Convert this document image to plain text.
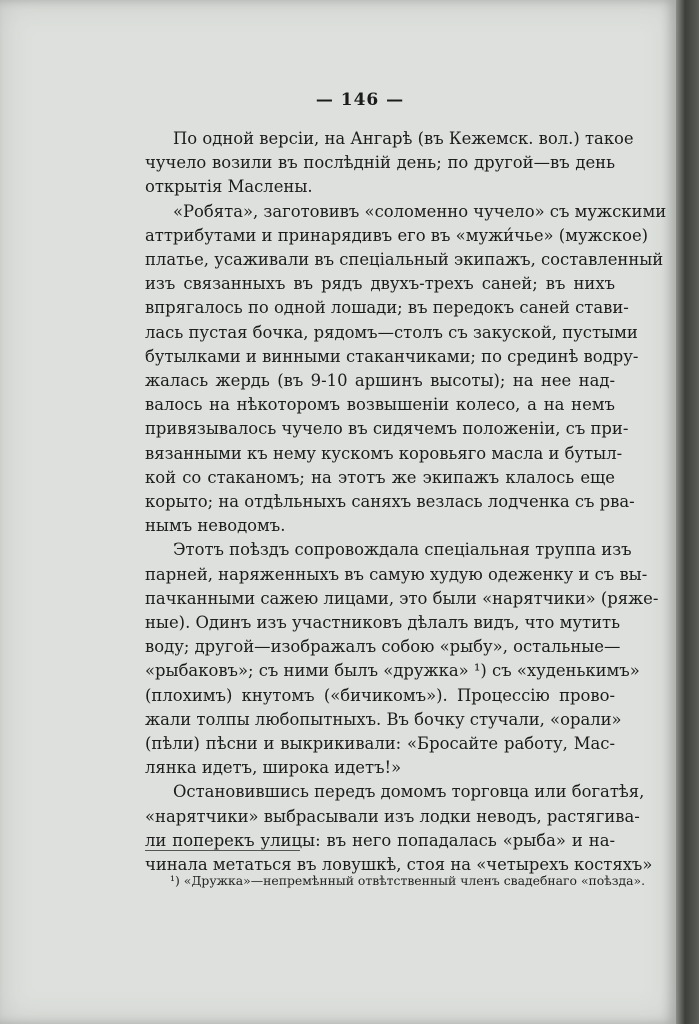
— 146 —
По одной версіи, на Ангарѣ (въ Кежемск. вол.) такое
чучело возили въ послѣдній день; по другой—въ день
открытія Маслены.
«Робята», заготовивъ «соломенно чучело» съ мужскими
аттрибутами и принарядивъ его въ «мужи́чье» (мужское)
платье, усаживали въ спеціальный экипажъ, составленный
изъ связанныхъ въ рядъ двухъ-трехъ саней; въ нихъ
впрягалось по одной лошади; въ передокъ саней стави-
лась пустая бочка, рядомъ—столъ съ закуской, пустыми
бутылками и винными стаканчиками; по срединѣ водру-
жалась жердь (въ 9-10 аршинъ высоты); на нее над-
валось на нѣкоторомъ возвышеніи колесо, а на немъ
привязывалось чучело въ сидячемъ положеніи, съ при-
вязанными къ нему кускомъ коровьяго масла и бутыл-
кой со стаканомъ; на этотъ же экипажъ клалось еще
корыто; на отдѣльныхъ саняхъ везлась лодченка съ рва-
нымъ неводомъ.
Этотъ поѣздъ сопровождала спеціальная труппа изъ
парней, наряженныхъ въ самую худую одеженку и съ вы-
пачканными сажею лицами, это были «нарятчики» (ряже-
ные). Одинъ изъ участниковъ дѣлалъ видъ, что мутить
воду; другой—изображалъ собою «рыбу», остальные—
«рыбаковъ»; съ ними былъ «дружка» ¹) съ «худенькимъ»
(плохимъ) кнутомъ («бичикомъ»). Процессію прово-
жали толпы любопытныхъ. Въ бочку стучали, «орали»
(пѣли) пѣсни и выкрикивали: «Бросайте работу, Мас-
лянка идетъ, широка идетъ!»
Остановившись передъ домомъ торговца или богатѣя,
«нарятчики» выбрасывали изъ лодки неводъ, растягива-
ли поперекъ улицы: въ него попадалась «рыба» и на-
чинала метаться въ ловушкѣ, стоя на «четырехъ костяхъ»
¹) «Дружка»—непремѣнный отвѣтственный членъ свадебнаго «поѣзда».
